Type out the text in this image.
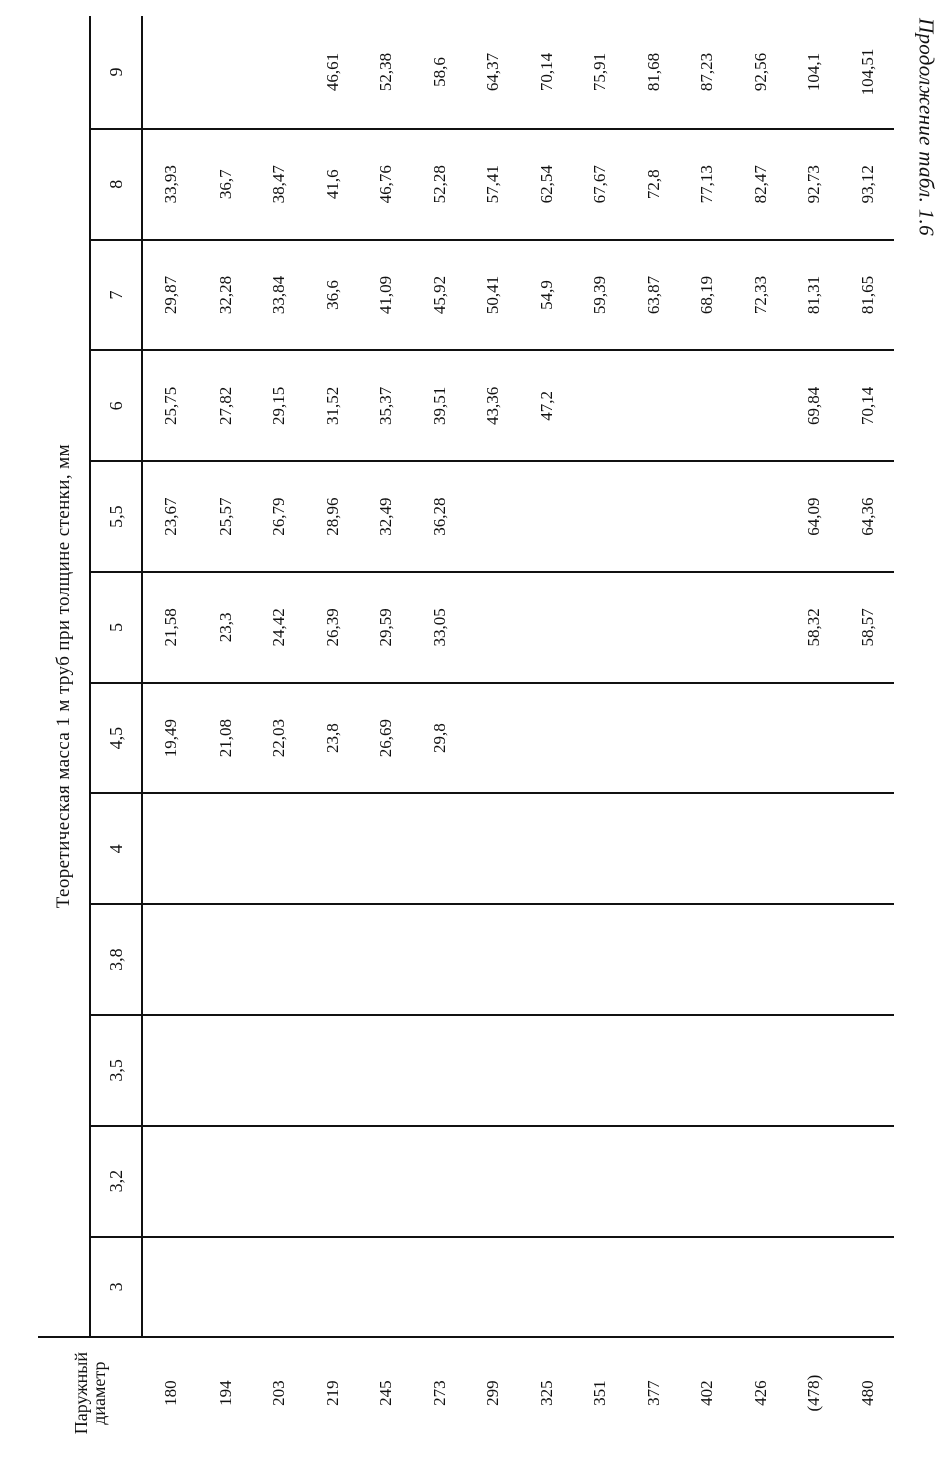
Продолжение табл. 1.6
Паружный диаметр	Теоретическая масса 1 м труб при толщине стенки, мм											
	3	3,2	3,5	3,8	4	4,5	5	5,5	6	7	8	9
180						19,49	21,58	23,67	25,75	29,87	33,93	
194						21,08	23,3	25,57	27,82	32,28	36,7	
203						22,03	24,42	26,79	29,15	33,84	38,47	
219						23,8	26,39	28,96	31,52	36,6	41,6	46,61
245						26,69	29,59	32,49	35,37	41,09	46,76	52,38
273						29,8	33,05	36,28	39,51	45,92	52,28	58,6
299									43,36	50,41	57,41	64,37
325									47,2	54,9	62,54	70,14
351										59,39	67,67	75,91
377										63,87	72,8	81,68
402										68,19	77,13	87,23
426										72,33	82,47	92,56
(478)							58,32	64,09	69,84	81,31	92,73	104,1
480							58,57	64,36	70,14	81,65	93,12	104,51
